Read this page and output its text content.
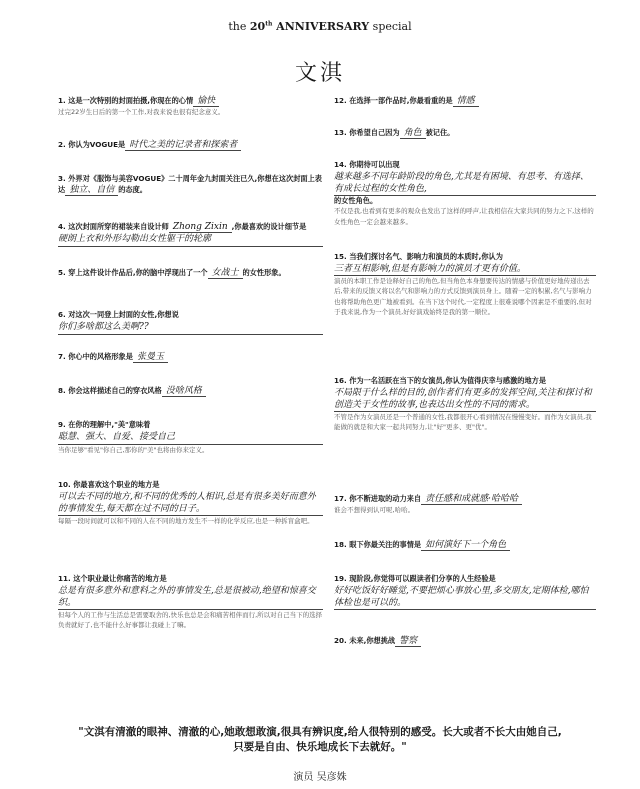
the 20th ANNIVERSARY special
文淇
1. 这是一次特别的封面拍摄,你现在的心情 愉快
过完22岁生日后的第一个工作,对我来说也很有纪念意义。
2. 你认为VOGUE是 时代之美的记录者和探索者
3. 外界对《服饰与美容VOGUE》二十周年金九封面关注已久,你想在这次封面上表达 独立、自信 的态度。
4. 这次封面所穿的裙装来自设计师 Zhong Zixin ,你最喜欢的设计细节是
硬朗上衣和外形勾勒出女性躯干的轮廓
5. 穿上这件设计作品后,你的脑中浮现出了一个 女战士 的女性形象。
6. 对这次一同登上封面的女性,你想说
你们多啥都这么美啊??
7. 你心中的风格形象是 张曼玉
8. 你会这样描述自己的穿衣风格 没啥风格
9. 在你的理解中,"美"意味着
聪慧、强大、自爱、接受自己
当你足够"看见"你自己,那你的"美"也将由你来定义。
10. 你最喜欢这个职业的地方是
可以去不同的地方,和不同的优秀的人相识,总是有很多美好而意外的事情发生,每天都在过不同的日子。
每隔一段时间就可以和不同的人在不同的地方发生不一样的化学反应,也是一种拆盲盒吧。
11. 这个职业最让你痛苦的地方是
总是有很多意外和意料之外的事情发生,总是很被动,绝望和惊喜交织。
但每个人的工作与生活总是需要取舍的,快乐也总是会和痛苦相伴而行,所以对自己当下的选择负责就好了,也不能什么好事都让我碰上了嘛。
12. 在选择一部作品时,你最看重的是 情感
13. 你希望自己因为 角色 被记住。
14. 你期待可以出现
越来越多不同年龄阶段的角色,尤其是有困境、有思考、有选择、有成长过程的女性角色,
的女性角色。
不仅是我,也看到有更多的观众也发出了这样的呼声,让我相信在大家共同的努力之下,这样的女性角色一定会越来越多。
15. 当我们探讨名气、影响力和演员的本质时,你认为
三者互相影响,但是有影响力的演员才更有价值。
演员的本职工作是诠释好自己的角色,但当角色本身想要传达的情感与价值更好地传递出去后,带来的反馈又将以名气和影响力的方式反馈到演员身上。随着一定的积累,名气与影响力也将帮助角色更广地被看到。在当下这个时代,一定程度上很难说哪个因素是不重要的,但对于我来说,作为一个演员,好好演戏始终是我的第一顺位。
16. 作为一名活跃在当下的女演员,你认为值得庆幸与感激的地方是
不局限于什么样的目的,创作者们有更多的发挥空间,关注和探讨和创造关于女性的故事,也表达出女性的不同的需求。
不管是作为女演员还是一个普通的女性,我都很开心看到情况在慢慢变好。而作为女演员,我能做的就是和大家一起共同努力,让"好"更多、更"优"。
17. 你不断进取的动力来自 责任感和成就感·哈哈哈
谁会不想得到认可呢,哈哈。
18. 眼下你最关注的事情是 如何演好下一个角色
19. 现阶段,你觉得可以跟读者们分享的人生经验是
好好吃饭好好睡觉,不要把烦心事放心里,多交朋友,定期体检,哪怕体检也是可以的。
20. 未来,你想挑战 警察
"文淇有清澈的眼神、清澈的心,她敢想敢演,很具有辨识度,给人很特别的感受。长大或者不长大由她自己,
只要是自由、快乐地成长下去就好。"
演员 吴彦姝
